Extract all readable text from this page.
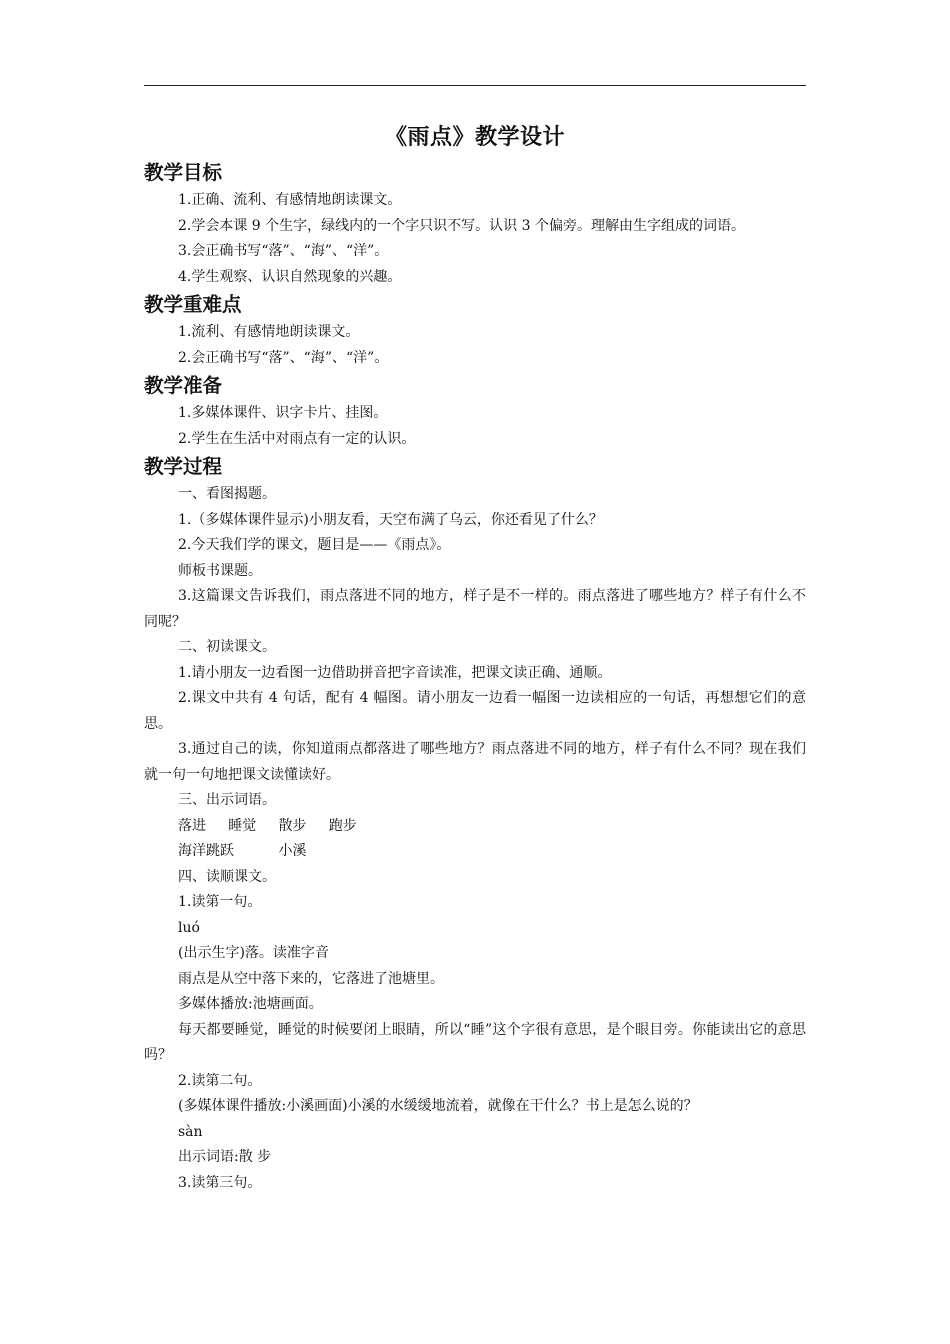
《雨点》教学设计
教学目标

1.正确、流利、有感情地朗读课文。

2.学会本课 9 个生字，绿线内的一个字只识不写。认识 3 个偏旁。理解由生字组成的词语。

3.会正确书写“落”、“海”、“洋”。

4.学生观察、认识自然现象的兴趣。

教学重难点

1.流利、有感情地朗读课文。

2.会正确书写“落”、“海”、“洋”。

教学准备

1.多媒体课件、识字卡片、挂图。

2.学生在生活中对雨点有一定的认识。

教学过程

一、看图揭题。

1.（多媒体课件显示)小朋友看，天空布满了乌云，你还看见了什么？

2.今天我们学的课文，题目是——《雨点》。

师板书课题。

3.这篇课文告诉我们，雨点落进不同的地方，样子是不一样的。雨点落进了哪些地方？样子有什么不同呢？

二、初读课文。

1.请小朋友一边看图一边借助拼音把字音读准，把课文读正确、通顺。

2.课文中共有 4 句话，配有 4 幅图。请小朋友一边看一幅图一边读相应的一句话，再想想它们的意思。

3.通过自己的读，你知道雨点都落进了哪些地方？雨点落进不同的地方，样子有什么不同？现在我们就一句一句地把课文读懂读好。

三、出示词语。

落进     睡觉     散步     跑步

海洋跳跃          小溪

四、读顺课文。

1.读第一句。

luó

(出示生字)落。读准字音

雨点是从空中落下来的，它落进了池塘里。

多媒体播放:池塘画面。

每天都要睡觉，睡觉的时候要闭上眼睛，所以“睡”这个字很有意思，是个眼目旁。你能读出它的意思吗？

2.读第二句。

(多媒体课件播放:小溪画面)小溪的水缓缓地流着，就像在干什么？书上是怎么说的？

sàn

出示词语:散 步

3.读第三句。
